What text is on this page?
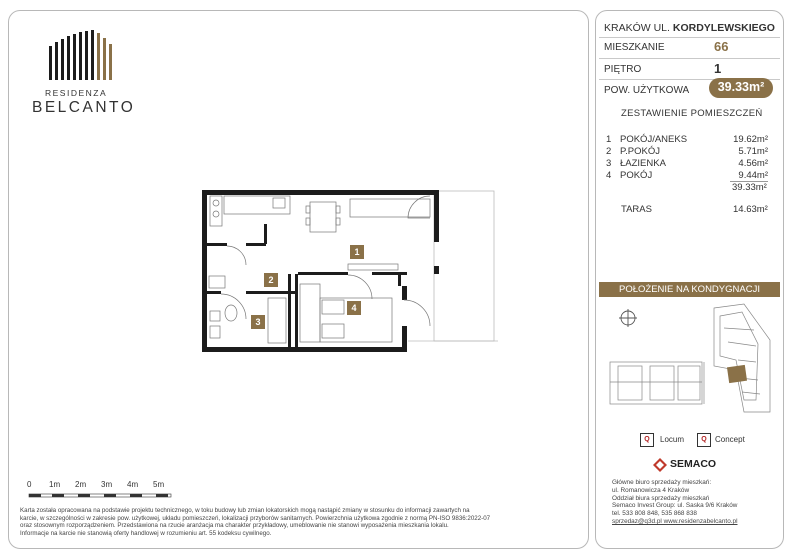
RESIDENZA
BELCANTO
1
2
3
4
0 1m 2m 3m 4m 5m
Karta została opracowana na podstawie projektu technicznego, w toku budowy lub zmian lokatorskich mogą nastąpić zmiany w stosunku do informacji zawartych na
karcie, w szczególności w zakresie pow. użytkowej, układu pomieszczeń, lokalizacji przyborów sanitarnych. Powierzchnia użytkowa zgodnie z normą PN-ISO 9836:2022-07
oraz stosownym rozporządzeniem. Przedstawiona na rzucie aranżacja ma charakter przykładowy, umeblowanie nie stanowi wyposażenia mieszkania lokalu.
Informacje na karcie nie stanowią oferty handlowej w rozumieniu art. 55 kodeksu cywilnego.
KRAKÓW UL. KORDYLEWSKIEGO
MIESZKANIE	66
PIĘTRO	1
POW. UŻYTKOWA	39.33m²
ZESTAWIENIE POMIESZCZEŃ
1 POKÓJ/ANEKS	19.62m²
2 P.POKÓJ	5.71m²
3 ŁAZIENKA	4.56m²
4 POKÓJ	9.44m²
39.33m²
TARAS	14.63m²
POŁOŻENIE NA KONDYGNACJI
Q	Locum	Q	Concept
SEMACO
Główne biuro sprzedaży mieszkań:
ul. Romanowicza 4 Kraków
Oddział biura sprzedaży mieszkań
Semaco Invest Group: ul. Saska 9/6 Kraków
tel. 533 808 848, 535 868 838
sprzedaz@q3d.pl www.residenzabelcanto.pl
